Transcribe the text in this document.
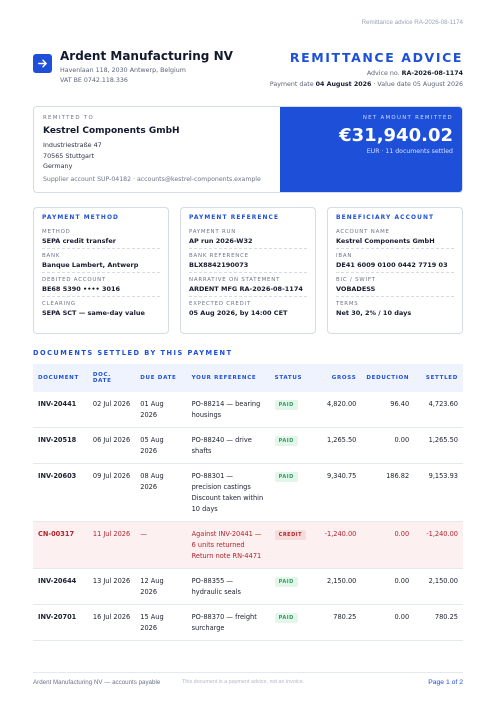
Remittance advice RA-2026-08-1174
Ardent Manufacturing NV
Havenlaan 118, 2030 Antwerp, Belgium
VAT BE 0742.118.336
REMITTANCE ADVICE
Advice no. RA-2026-08-1174
Payment date 04 August 2026 · Value date 05 August 2026
REMITTED TO
Kestrel Components GmbH
Industriestraße 47
70565 Stuttgart
Germany
Supplier account SUP-04182 · accounts@kestrel-components.example
NET AMOUNT REMITTED
€31,940.02
EUR · 11 documents settled
PAYMENT METHOD
METHOD
SEPA credit transfer
BANK
Banque Lambert, Antwerp
DEBITED ACCOUNT
BE68 5390 •••• 3016
CLEARING
SEPA SCT — same-day value
PAYMENT REFERENCE
PAYMENT RUN
AP run 2026-W32
BANK REFERENCE
BLX8842190073
NARRATIVE ON STATEMENT
ARDENT MFG RA-2026-08-1174
EXPECTED CREDIT
05 Aug 2026, by 14:00 CET
BENEFICIARY ACCOUNT
ACCOUNT NAME
Kestrel Components GmbH
IBAN
DE41 6009 0100 0442 7719 03
BIC / SWIFT
VOBADESS
TERMS
Net 30, 2% / 10 days
DOCUMENTS SETTLED BY THIS PAYMENT
DOCUMENT	DOC. DATE	DUE DATE	YOUR REFERENCE	STATUS	GROSS	DEDUCTION	SETTLED
INV-20441	02 Jul 2026	01 Aug 2026	PO-88214 — bearing housings	PAID	4,820.00	96.40	4,723.60
INV-20518	06 Jul 2026	05 Aug 2026	PO-88240 — drive shafts	PAID	1,265.50	0.00	1,265.50
INV-20603	09 Jul 2026	08 Aug 2026	PO-88301 — precision castings Discount taken within 10 days	PAID	9,340.75	186.82	9,153.93
CN-00317	11 Jul 2026	—	Against INV-20441 — 6 units returned Return note RN-4471	CREDIT	-1,240.00	0.00	-1,240.00
INV-20644	13 Jul 2026	12 Aug 2026	PO-88355 — hydraulic seals	PAID	2,150.00	0.00	2,150.00
INV-20701	16 Jul 2026	15 Aug 2026	PO-88370 — freight surcharge	PAID	780.25	0.00	780.25
Ardent Manufacturing NV — accounts payable	This document is a payment advice, not an invoice.	Page 1 of 2
